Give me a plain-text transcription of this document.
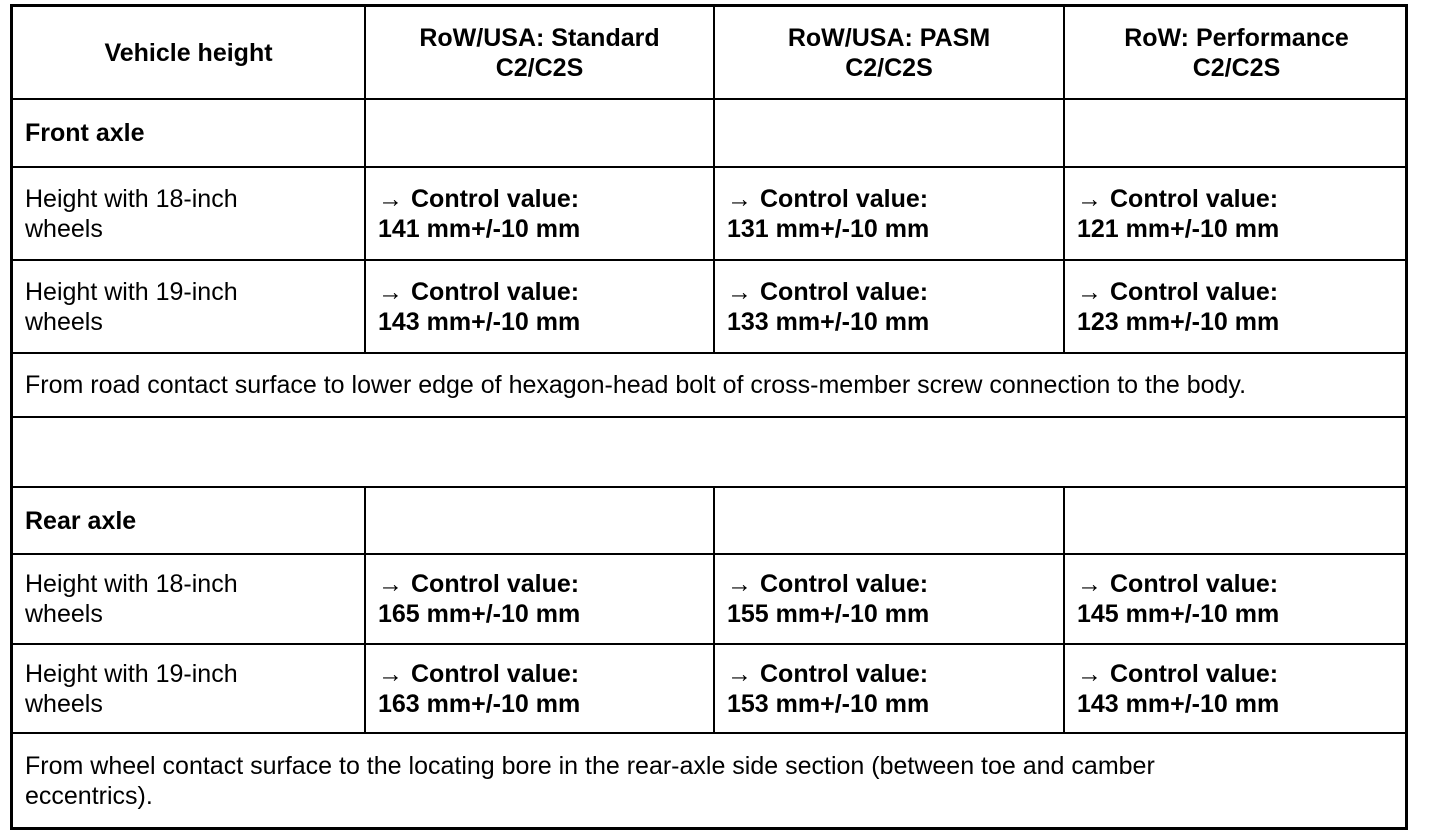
Vehicle height
RoW/USA: Standard
C2/C2S
RoW/USA: PASM
C2/C2S
RoW: Performance
C2/C2S
Front axle
Height with 18-inch
wheels
→ Control value:
141 mm+/-10 mm
→ Control value:
131 mm+/-10 mm
→ Control value:
121 mm+/-10 mm
Height with 19-inch
wheels
→ Control value:
143 mm+/-10 mm
→ Control value:
133 mm+/-10 mm
→ Control value:
123 mm+/-10 mm
From road contact surface to lower edge of hexagon-head bolt of cross-member screw connection to the body.
Rear axle
Height with 18-inch
wheels
→ Control value:
165 mm+/-10 mm
→ Control value:
155 mm+/-10 mm
→ Control value:
145 mm+/-10 mm
Height with 19-inch
wheels
→ Control value:
163 mm+/-10 mm
→ Control value:
153 mm+/-10 mm
→ Control value:
143 mm+/-10 mm
From wheel contact surface to the locating bore in the rear-axle side section (between toe and camber
eccentrics).
